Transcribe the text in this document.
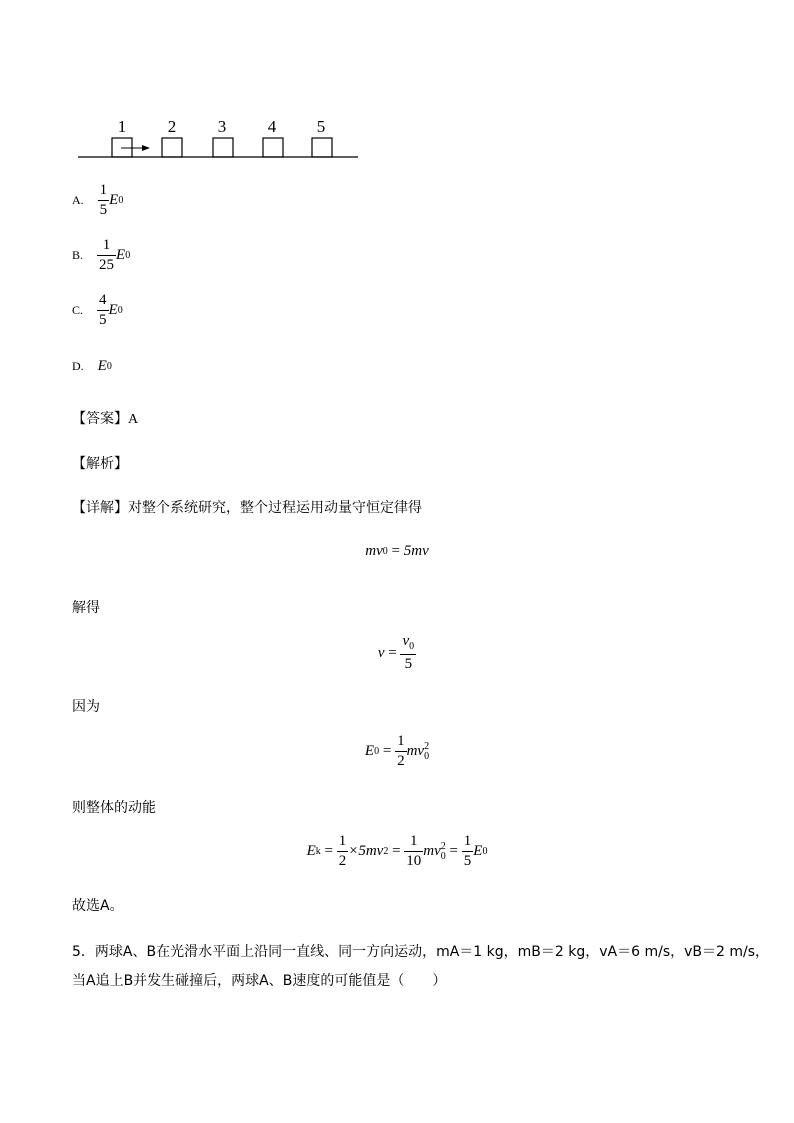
1 2 3 4 5
A. $\frac{1}{5}$ E 0
B. $\frac{1}{25}$ E 0
C. $\frac{4}{5}$ E 0
D. E 0
【答案】A
【解析】
【详解】对整个系统研究，整个过程运用动量守恒定律得
mv 0 = 5mv
解得
$v = \frac{v_0}{5}$
因为
E $0 = \frac{1}{2}$ mv 2
0
则整体的动能
E $k = \frac{1}{2} \times 5mv$ $2 = \frac{1}{10}$ mv 2
$0 = \frac{1}{5}$ E 0
故选A。
5．两球A、B在光滑水平面上沿同一直线、同一方向运动，mA＝1 kg，mB＝2 kg，vA＝6 m/s，vB＝2 m/s，
当A追上B并发生碰撞后，两球A、B速度的可能值是（　　）
